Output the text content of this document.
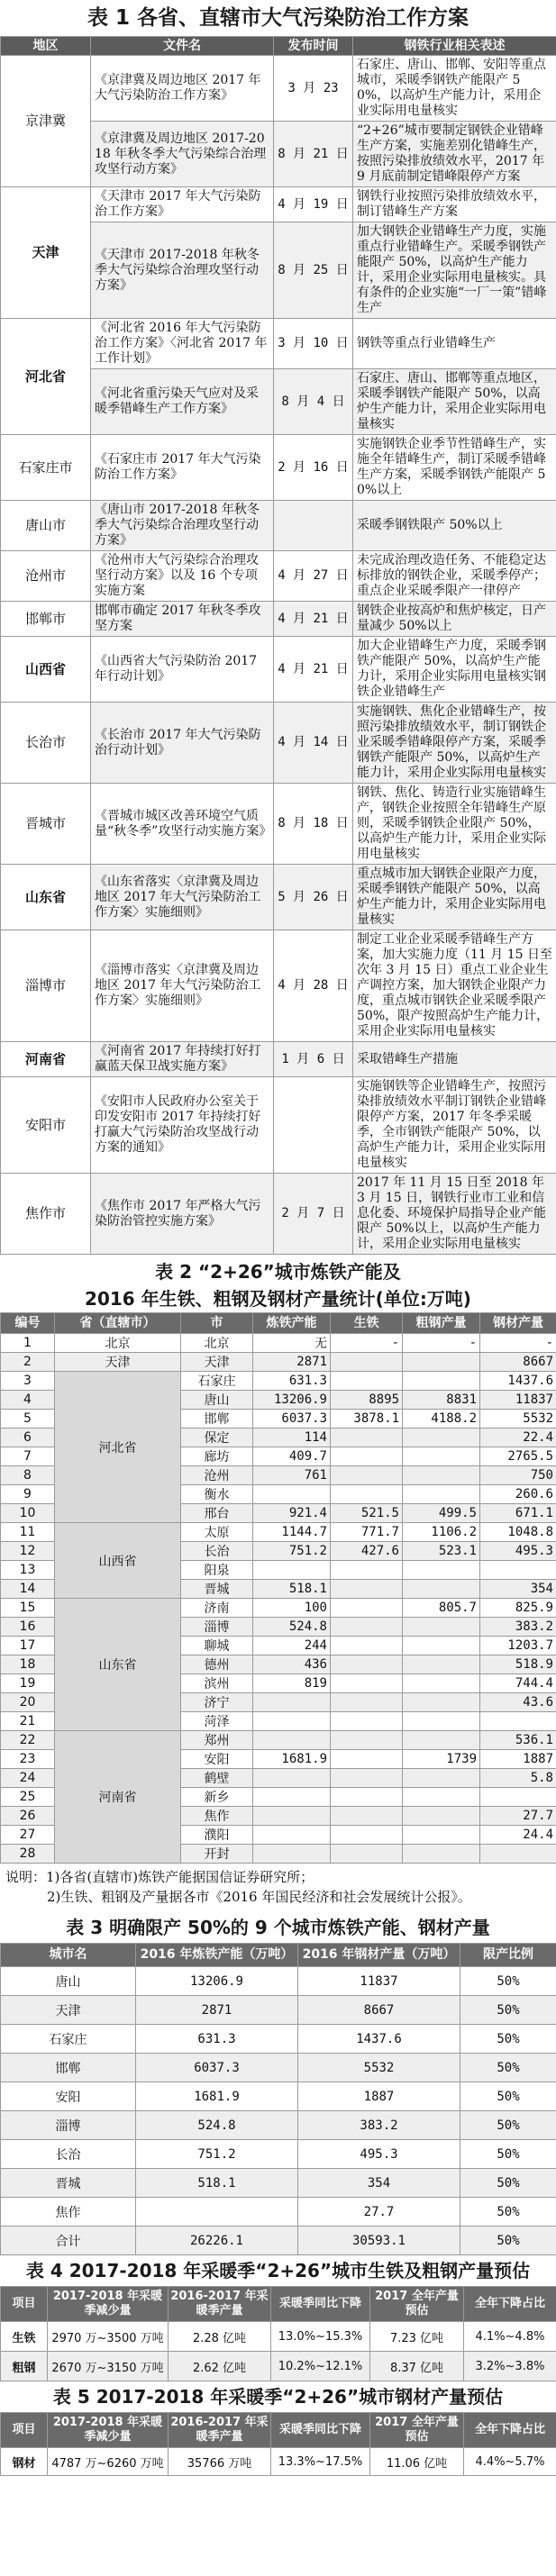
表 1 各省、直辖市大气污染防治工作方案
地区	文件名	发布时间	钢铁行业相关表述
京津冀	《京津冀及周边地区 2017 年大气污染防治工作方案》	3 月 23	石家庄、唐山、邯郸、安阳等重点城市，采暖季钢铁产能限产 50%，以高炉生产能力计，采用企业实际用电量核实
	《京津冀及周边地区 2017-2018 年秋冬季大气污染综合治理攻坚行动方案》	8 月 21 日	“2+26”城市要制定钢铁企业错峰生产方案，实施差别化错峰生产，按照污染排放绩效水平，2017 年 9 月底前制定错峰限停产方案
天津	《天津市 2017 年大气污染防治工作方案》	4 月 19 日	钢铁行业按照污染排放绩效水平，制订错峰生产方案
	《天津市 2017-2018 年秋冬季大气污染综合治理攻坚行动方案》	8 月 25 日	加大钢铁企业错峰生产力度，实施重点行业错峰生产。采暖季钢铁产能限产 50%，以高炉生产能力计，采用企业实际用电量核实。具有条件的企业实施“一厂一策”错峰生产
河北省	《河北省 2016 年大气污染防治工作方案》〈河北省 2017 年工作计划》	3 月 10 日	钢铁等重点行业错峰生产
	《河北省重污染天气应对及采暖季错峰生产工作方案》	8 月 4 日	石家庄、唐山、邯郸等重点地区，采暖季钢铁产能限产 50%，以高炉生产能力计，采用企业实际用电量核实
石家庄市	《石家庄市 2017 年大气污染防治工作方案》	2 月 16 日	实施钢铁企业季节性错峰生产，实施全年错峰生产，制订采暖季错峰生产方案，采暖季钢铁产能限产 50%以上
唐山市	《唐山市 2017-2018 年秋冬季大气污染综合治理攻坚行动方案》		采暖季钢铁限产 50%以上
沧州市	《沧州市大气污染综合治理攻坚行动方案》以及 16 个专项实施方案	4 月 27 日	未完成治理改造任务、不能稳定达标排放的钢铁企业，采暖季停产；重点企业采暖季限产一律停产
邯郸市	邯郸市确定 2017 年秋冬季攻坚方案	4 月 21 日	钢铁企业按高炉和焦炉核定，日产量减少 50%以上
山西省	《山西省大气污染防治 2017 年行动计划》	4 月 21 日	加大企业错峰生产力度，采暖季钢铁产能限产 50%，以高炉生产能力计，采用企业实际用电量核实钢铁企业错峰生产
长治市	《长治市 2017 年大气污染防治行动计划》	4 月 14 日	实施钢铁、焦化企业错峰生产，按照污染排放绩效水平，制订钢铁企业采暖季错峰限停产方案，采暖季钢铁产能限产 50%，以高炉生产能力计，采用企业实际用电量核实
晋城市	《晋城市城区改善环境空气质量“秋冬季”攻坚行动实施方案》	8 月 18 日	钢铁、焦化、铸造行业实施错峰生产，钢铁企业按照全年错峰生产原则，采暖季钢铁企业限产 50%，以高炉生产能力计，采用企业实际用电量核实
山东省	《山东省落实〈京津冀及周边地区 2017 年大气污染防治工作方案〉实施细则》	5 月 26 日	重点城市加大钢铁企业限产力度，采暖季钢铁产能限产 50%，以高炉生产能力计，采用企业实际用电量核实
淄博市	《淄博市落实〈京津冀及周边地区 2017 年大气污染防治工作方案〉实施细则》	4 月 28 日	制定工业企业采暖季错峰生产方案，加大实施力度（11 月 15 日至次年 3 月 15 日）重点工业企业生产调控方案，加大钢铁企业限产力度，重点城市钢铁企业采暖季限产 50%，限产按照高炉生产能力计，采用企业实际用电量核实
河南省	《河南省 2017 年持续打好打赢蓝天保卫战实施方案》	1 月 6 日	采取错峰生产措施
安阳市	《安阳市人民政府办公室关于印发安阳市 2017 年持续打好打赢大气污染防治攻坚战行动方案的通知》		实施钢铁等企业错峰生产，按照污染排放绩效水平制订钢铁企业错峰限停产方案，2017 年冬季采暖季，全市钢铁产能限产 50%，以高炉生产能力计，采用企业实际用电量核实
焦作市	《焦作市 2017 年严格大气污染防治管控实施方案》	2 月 7 日	2017 年 11 月 15 日至 2018 年 3 月 15 日，钢铁行业市工业和信息化委、环境保护局指导企业产能限产 50%以上，以高炉生产能力计，采用企业实际用电量核实
表 2 “2+26”城市炼铁产能及
2016 年生铁、粗钢及钢材产量统计(单位:万吨)
编号	省（直辖市）	市	炼铁产能	生铁	粗钢产量	钢材产量
1	北京	北京	无	-	-	-
2	天津	天津	2871			8667
3	河北省	石家庄	631.3			1437.6
4		唐山	13206.9	8895	8831	11837
5		邯郸	6037.3	3878.1	4188.2	5532
6		保定	114			22.4
7		廊坊	409.7			2765.5
8		沧州	761			750
9		衡水				260.6
10		邢台	921.4	521.5	499.5	671.1
11	山西省	太原	1144.7	771.7	1106.2	1048.8
12		长治	751.2	427.6	523.1	495.3
13		阳泉				
14		晋城	518.1			354
15	山东省	济南	100		805.7	825.9
16		淄博	524.8			383.2
17		聊城	244			1203.7
18		德州	436			518.9
19		滨州	819			744.4
20		济宁				43.6
21		菏泽				
22	河南省	郑州				536.1
23		安阳	1681.9		1739	1887
24		鹤壁				5.8
25		新乡				
26		焦作				27.7
27		濮阳				24.4
28		开封				
说明：1)各省(直辖市)炼铁产能据国信证券研究所；
2)生铁、粗钢及产量据各市《2016 年国民经济和社会发展统计公报》。
表 3 明确限产 50%的 9 个城市炼铁产能、钢材产量
城市名	2016 年炼铁产能（万吨）	2016 年钢材产量（万吨）	限产比例
唐山	13206.9	11837	50%
天津	2871	8667	50%
石家庄	631.3	1437.6	50%
邯郸	6037.3	5532	50%
安阳	1681.9	1887	50%
淄博	524.8	383.2	50%
长治	751.2	495.3	50%
晋城	518.1	354	50%
焦作		27.7	50%
合计	26226.1	30593.1	50%
表 4 2017-2018 年采暖季“2+26”城市生铁及粗钢产量预估
项目	2017-2018 年采暖季减少量	2016-2017 年采暖季产量	采暖季同比下降	2017 全年产量预估	全年下降占比
生铁	2970 万~3500 万吨	2.28 亿吨	13.0%~15.3%	7.23 亿吨	4.1%~4.8%
粗钢	2670 万~3150 万吨	2.62 亿吨	10.2%~12.1%	8.37 亿吨	3.2%~3.8%
表 5 2017-2018 年采暖季“2+26”城市钢材产量预估
项目	2017-2018 年采暖季减少量	2016-2017 年采暖季产量	采暖季同比下降	2017 全年产量预估	全年下降占比
钢材	4787 万~6260 万吨	35766 万吨	13.3%~17.5%	11.06 亿吨	4.4%~5.7%
